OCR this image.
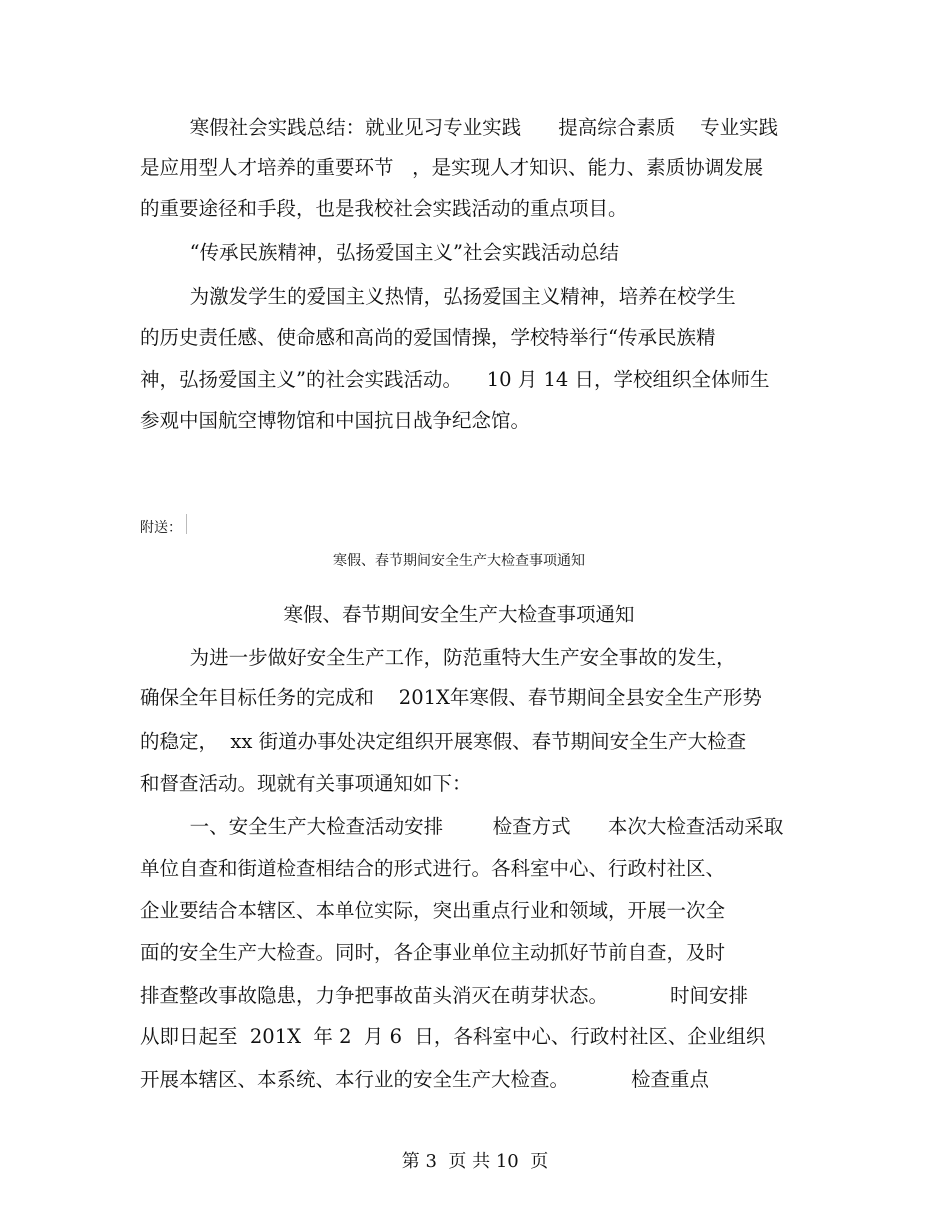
寒假社会实践总结：就业见习专业实践      提高综合素质    专业实践
是应用型人才培养的重要环节   ，是实现人才知识、能力、素质协调发展
的重要途径和手段，也是我校社会实践活动的重点项目。
“传承民族精神，弘扬爱国主义”社会实践活动总结
为激发学生的爱国主义热情，弘扬爱国主义精神，培养在校学生
的历史责任感、使命感和高尚的爱国情操，学校特举行“传承民族精
神，弘扬爱国主义”的社会实践活动。    10 月 14 日，学校组织全体师生
参观中国航空博物馆和中国抗日战争纪念馆。
附送：
寒假、春节期间安全生产大检查事项通知
寒假、春节期间安全生产大检查事项通知
为进一步做好安全生产工作，防范重特大生产安全事故的发生，
确保全年目标任务的完成和    201X年寒假、春节期间全县安全生产形势
的稳定，  xx 街道办事处决定组织开展寒假、春节期间安全生产大检查
和督查活动。现就有关事项通知如下：
一、安全生产大检查活动安排        检查方式      本次大检查活动采取
单位自查和街道检查相结合的形式进行。各科室中心、行政村社区、
企业要结合本辖区、本单位实际，突出重点行业和领域，开展一次全
面的安全生产大检查。同时，各企事业单位主动抓好节前自查，及时
排查整改事故隐患，力争把事故苗头消灭在萌芽状态。          时间安排
从即日起至  201X  年 2  月 6  日，各科室中心、行政村社区、企业组织
开展本辖区、本系统、本行业的安全生产大检查。          检查重点
第 3  页 共 10  页
